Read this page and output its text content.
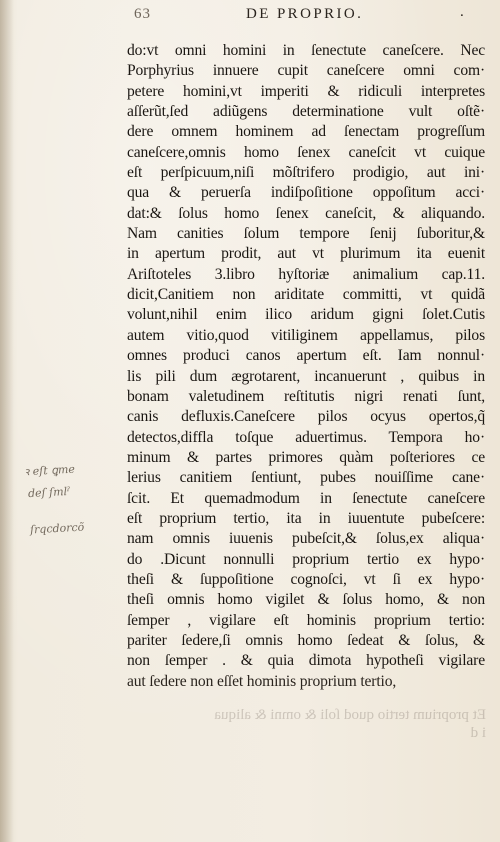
63	DE PROPRIO.	.
ꝛ eſt ꝗme
deſ ſmlˀ
ſrqcdorcõ
do:vt omni homini in ſenectute caneſcere. Nec
Porphyrius innuere cupit caneſcere omni com·
petere homini,vt imperiti & ridiculi interpretes
aſſerũt,ſed adiũgens determinatione vult oſtẽ·
dere omnem hominem ad ſenectam progreſſum
caneſcere,omnis homo ſenex caneſcit vt cuique
eſt perſpicuum,niſi mõſtrifero prodigio, aut ini·
qua & peruerſa indiſpoſitione oppoſitum acci·
dat:& ſolus homo ſenex caneſcit, & aliquando.
Nam canities ſolum tempore ſenij ſuboritur,&
in apertum prodit, aut vt plurimum ita euenit
Ariſtoteles 3.libro hyſtoriæ animalium cap.11.
dicit,Canitiem non ariditate committi, vt quidã
volunt,nihil enim ilico aridum gigni ſolet.Cutis
autem vitio,quod vitiliginem appellamus, pilos
omnes produci canos apertum eſt. Iam nonnul·
lis pili dum ægrotarent, incanuerunt , quibus in
bonam valetudinem reſtitutis nigri renati ſunt,
canis defluxis.Caneſcere pilos ocyus opertos,q̃
detectos,diffla toſque aduertimus. Tempora ho·
minum & partes primores quàm poſteriores ce
lerius canitiem ſentiunt, pubes nouiſſime cane·
ſcit. Et quemadmodum in ſenectute caneſcere
eſt proprium tertio, ita in iuuentute pubeſcere:
nam omnis iuuenis pubeſcit,& ſolus,ex aliqua·
do .Dicunt nonnulli proprium tertio ex hypo·
theſi & ſuppoſitione cognoſci, vt ſi ex hypo·
theſi omnis homo vigilet & ſolus homo, & non
ſemper , vigilare eſt hominis proprium tertio:
pariter ſedere,ſi omnis homo ſedeat & ſolus, &
non ſemper . & quia dimota hypotheſi vigilare
aut ſedere non eſſet hominis proprium tertio,
Et proprium tertio quod ſoli & omni & aliqua
i d
